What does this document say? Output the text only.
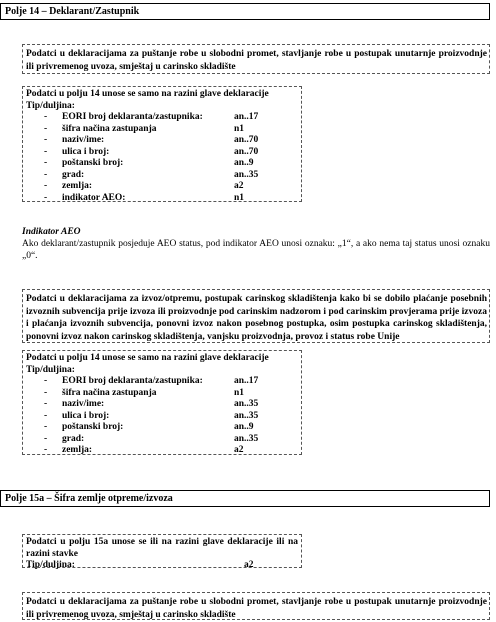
Polje 14 – Deklarant/Zastupnik
Podatci u deklaracijama za puštanje robe u slobodni promet, stavljanje robe u postupak unutarnje proizvodnje ili privremenog uvoza, smještaj u carinsko skladište
Podatci u polju 14 unose se samo na razini glave deklaracije
Tip/duljina:
-	EORI broj deklaranta/zastupnika:	an..17
-	šifra načina zastupanja	n1
-	naziv/ime:	an..70
-	ulica i broj:	an..70
-	poštanski broj:	an..9
-	grad:	an..35
-	zemlja:	a2
-	indikator AEO:	n1
Indikator AEO
Ako deklarant/zastupnik posjeduje AEO status, pod indikator AEO unosi oznaku: „1“, a ako nema taj status unosi oznaku „0“.
Podatci u deklaracijama za izvoz/otpremu, postupak carinskog skladištenja kako bi se dobilo plaćanje posebnih izvoznih subvencija prije izvoza ili proizvodnje pod carinskim nadzorom i pod carinskim provjerama prije izvoza i plaćanja izvoznih subvencija, ponovni izvoz nakon posebnog postupka, osim postupka carinskog skladištenja, ponovni izvoz nakon carinskog skladištenja, vanjsku proizvodnja, provoz i status robe Unije
Podatci u polju 14 unose se samo na razini glave deklaracije
Tip/duljina:
-	EORI broj deklaranta/zastupnika:	an..17
-	šifra načina zastupanja	n1
-	naziv/ime:	an..35
-	ulica i broj:	an..35
-	poštanski broj:	an..9
-	grad:	an..35
-	zemlja:	a2
Polje 15a – Šifra zemlje otpreme/izvoza
Podatci u polju 15a unose se ili na razini glave deklaracije ili na razini stavke
Tip/duljina:	a2
Podatci u deklaracijama za puštanje robe u slobodni promet, stavljanje robe u postupak unutarnje proizvodnje ili privremenog uvoza, smještaj u carinsko skladište
